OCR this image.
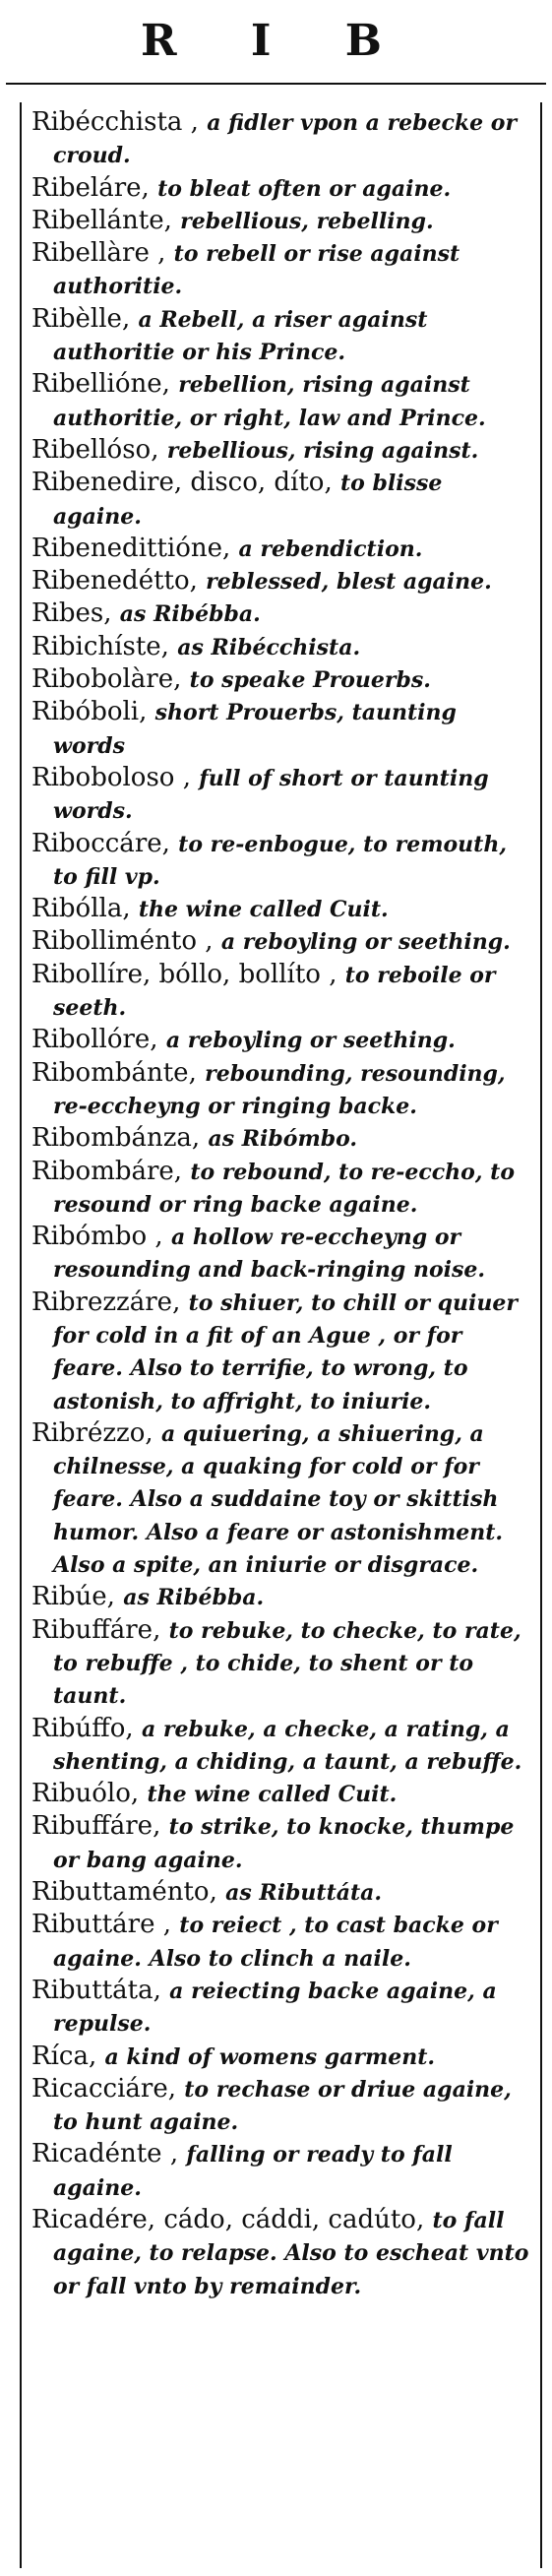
R I B

Ribécchista , a fidler vpon a rebecke or croud.

Ribeláre, to bleat often or againe.

Ribellánte, rebellious, rebelling.

Ribellàre , to rebell or rise against authoritie.

Ribèlle, a Rebell, a riser against authoritie or his Prince.

Ribellióne, rebellion, rising against authoritie, or right, law and Prince.

Ribellóso, rebellious, rising against.

Ribenedire, disco, díto, to blisse againe.

Ribenedittióne, a rebendiction.

Ribenedétto, reblessed, blest againe.

Ribes, as Ribébba.

Ribichíste, as Ribécchista.

Ribobolàre, to speake Prouerbs.

Ribóboli, short Prouerbs, taunting words

Riboboloso , full of short or taunting words.

Riboccáre, to re-enbogue, to remouth, to fill vp.

Ribólla, the wine called Cuit.

Ribolliménto , a reboyling or seething.

Ribollíre, bóllo, bollíto , to reboile or seeth.

Ribollóre, a reboyling or seething.

Ribombánte, rebounding, resounding, re-eccheyng or ringing backe.

Ribombánza, as Ribómbo.

Ribombáre, to rebound, to re-eccho, to resound or ring backe againe.

Ribómbo , a hollow re-eccheyng or resounding and back-ringing noise.

Ribrezzáre, to shiuer, to chill or quiuer for cold in a fit of an Ague , or for feare. Also to terrifie, to wrong, to astonish, to affright, to iniurie.

Ribrézzo, a quiuering, a shiuering, a chilnesse, a quaking for cold or for feare. Also a suddaine toy or skittish humor. Also a feare or astonishment. Also a spite, an iniurie or disgrace.

Ribúe, as Ribébba.

Ribuffáre, to rebuke, to checke, to rate, to rebuffe , to chide, to shent or to taunt.

Ribúffo, a rebuke, a checke, a rating, a shenting, a chiding, a taunt, a rebuffe.

Ribuólo, the wine called Cuit.

Ribuffáre, to strike, to knocke, thumpe or bang againe.

Ributtaménto, as Ributtáta.

Ributtáre , to reiect , to cast backe or againe. Also to clinch a naile.

Ributtáta, a reiecting backe againe, a repulse.

Ríca, a kind of womens garment.

Ricacciáre, to rechase or driue againe, to hunt againe.

Ricadénte , falling or ready to fall againe.

Ricadére, cádo, cáddi, cadúto, to fall againe, to relapse. Also to escheat vnto or fall vnto by remainder.
